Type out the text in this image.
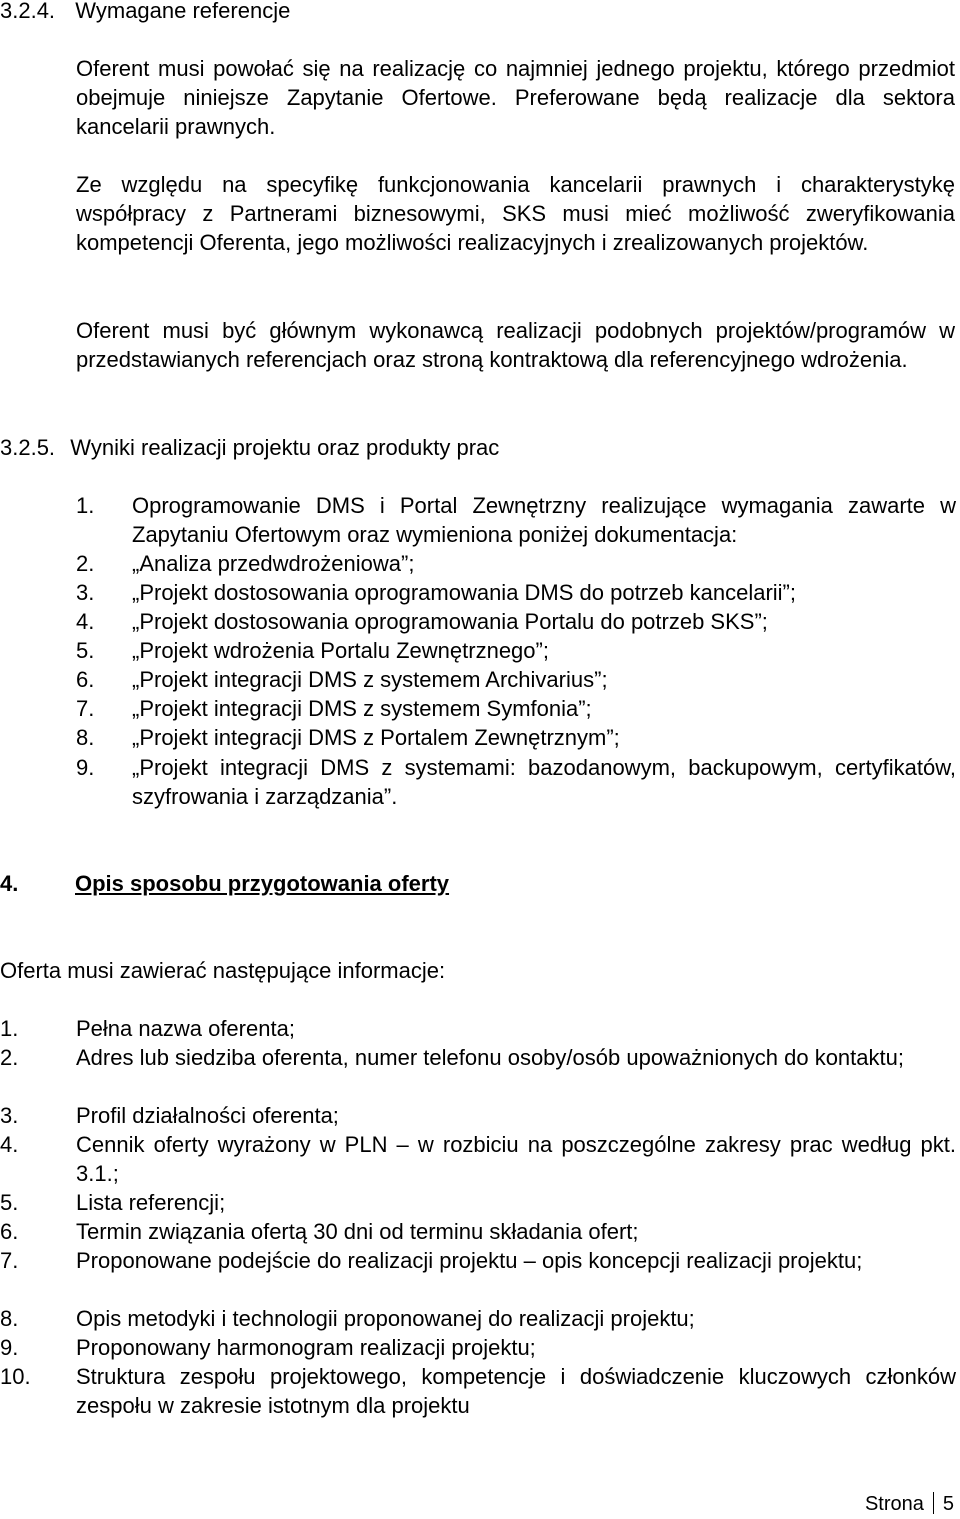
3.2.4. Wymagane referencje
Oferent musi powołać się na realizację co najmniej jednego projektu, którego przedmiot obejmuje niniejsze Zapytanie Ofertowe. Preferowane będą realizacje dla sektora kancelarii prawnych.
Ze względu na specyfikę funkcjonowania kancelarii prawnych i charakterystykę współpracy z Partnerami biznesowymi, SKS musi mieć możliwość zweryfikowania kompetencji Oferenta, jego możliwości realizacyjnych i zrealizowanych projektów.
Oferent musi być głównym wykonawcą realizacji podobnych projektów/programów w przedstawianych referencjach oraz stroną kontraktową dla referencyjnego wdrożenia.
3.2.5. Wyniki realizacji projektu oraz produkty prac
1. Oprogramowanie DMS i Portal Zewnętrzny realizujące wymagania zawarte w Zapytaniu Ofertowym oraz wymieniona poniżej dokumentacja:
2. „Analiza przedwdrożeniowa”;
3. „Projekt dostosowania oprogramowania DMS do potrzeb kancelarii”;
4. „Projekt dostosowania oprogramowania Portalu do potrzeb SKS”;
5. „Projekt wdrożenia Portalu Zewnętrznego”;
6. „Projekt integracji DMS z systemem Archivarius”;
7. „Projekt integracji DMS z systemem Symfonia”;
8. „Projekt integracji DMS z Portalem Zewnętrznym”;
9. „Projekt integracji DMS z systemami: bazodanowym, backupowym, certyfikatów, szyfrowania i zarządzania”.
4.	Opis sposobu przygotowania oferty
Oferta musi zawierać następujące informacje:
1.	Pełna nazwa oferenta;
2.	Adres lub siedziba oferenta, numer telefonu osoby/osób upoważnionych do kontaktu;
3.	Profil działalności oferenta;
4.	Cennik oferty wyrażony w PLN – w rozbiciu na poszczególne zakresy prac według pkt. 3.1.;
5.	Lista referencji;
6.	Termin związania ofertą 30 dni od terminu składania ofert;
7.	Proponowane podejście do realizacji projektu – opis koncepcji realizacji projektu;
8.	Opis metodyki i technologii proponowanej do realizacji projektu;
9.	Proponowany harmonogram realizacji projektu;
10. Struktura zespołu projektowego, kompetencje i doświadczenie kluczowych członków zespołu w zakresie istotnym dla projektu
Strona 5
